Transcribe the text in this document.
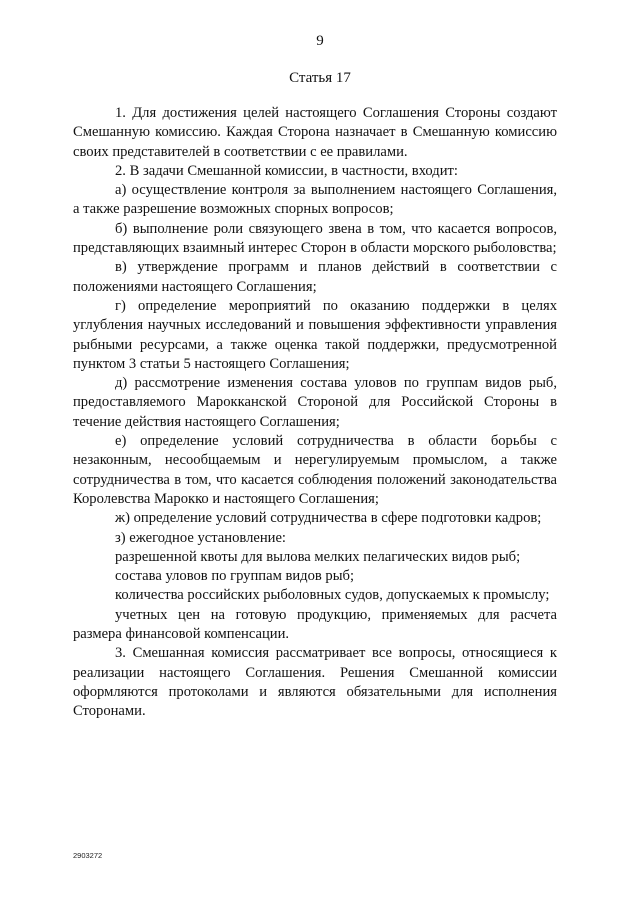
9
Статья 17

1. Для достижения целей настоящего Соглашения Стороны создают Смешанную комиссию. Каждая Сторона назначает в Смешанную комиссию своих представителей в соответствии с ее правилами.

2. В задачи Смешанной комиссии, в частности, входит:

а) осуществление контроля за выполнением настоящего Соглашения, а также разрешение возможных спорных вопросов;

б) выполнение роли связующего звена в том, что касается вопросов, представляющих взаимный интерес Сторон в области морского рыболовства;

в) утверждение программ и планов действий в соответствии с положениями настоящего Соглашения;

г) определение мероприятий по оказанию поддержки в целях углубления научных исследований и повышения эффективности управления рыбными ресурсами, а также оценка такой поддержки, предусмотренной пунктом 3 статьи 5 настоящего Соглашения;

д) рассмотрение изменения состава уловов по группам видов рыб, предоставляемого Марокканской Стороной для Российской Стороны в течение действия настоящего Соглашения;

е) определение условий сотрудничества в области борьбы с незаконным, несообщаемым и нерегулируемым промыслом, а также сотрудничества в том, что касается соблюдения положений законодательства Королевства Марокко и настоящего Соглашения;

ж) определение условий сотрудничества в сфере подготовки кадров;

з) ежегодное установление:

разрешенной квоты для вылова мелких пелагических видов рыб;

состава уловов по группам видов рыб;

количества российских рыболовных судов, допускаемых к промыслу;

учетных цен на готовую продукцию, применяемых для расчета размера финансовой компенсации.

3. Смешанная комиссия рассматривает все вопросы, относящиеся к реализации настоящего Соглашения. Решения Смешанной комиссии оформляются протоколами и являются обязательными для исполнения Сторонами.

2903272
